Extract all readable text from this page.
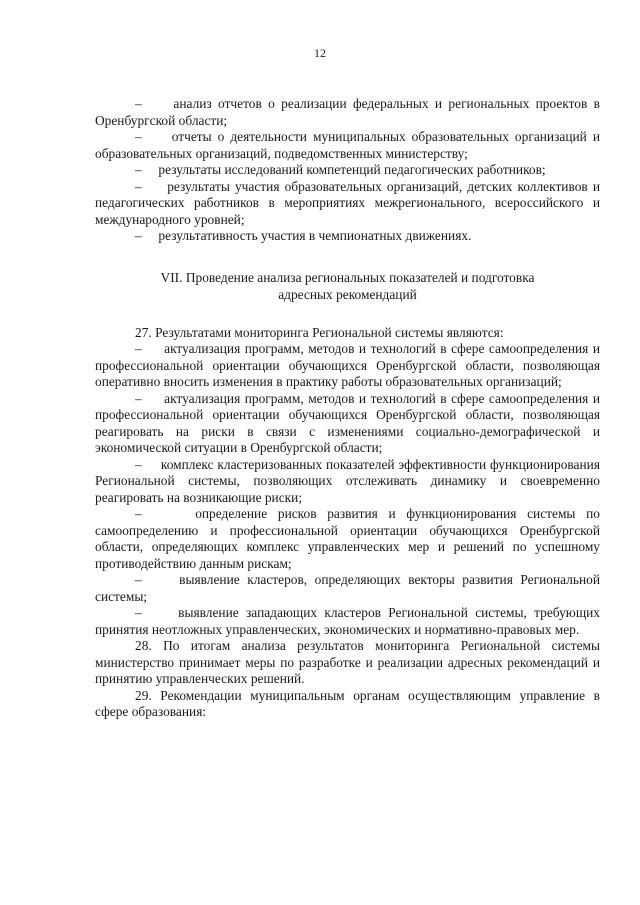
12

–     анализ отчетов о реализации федеральных и региональных проектов в Оренбургской области;

–     отчеты о деятельности муниципальных образовательных организаций и образовательных организаций, подведомственных министерству;

–     результаты исследований компетенций педагогических работников;

–     результаты участия образовательных организаций, детских коллективов и педагогических работников в мероприятиях межрегионального, всероссийского и международного уровней;

–     результативность участия в чемпионатных движениях.

VII. Проведение анализа региональных показателей и подготовка
адресных рекомендаций

27. Результатами мониторинга Региональной системы являются:

–     актуализация программ, методов и технологий в сфере самоопределения и профессиональной ориентации обучающихся Оренбургской области, позволяющая оперативно вносить изменения в практику работы образовательных организаций;

–     актуализация программ, методов и технологий в сфере самоопределения и профессиональной ориентации обучающихся Оренбургской области, позволяющая реагировать на риски в связи с изменениями социально-демографической и экономической ситуации в Оренбургской области;

–     комплекс кластеризованных показателей эффективности функционирования Региональной системы, позволяющих отслеживать динамику и своевременно реагировать на возникающие риски;

–     определение рисков развития и функционирования системы по самоопределению и профессиональной ориентации обучающихся Оренбургской области, определяющих комплекс управленческих мер и решений по успешному противодействию данным рискам;

–     выявление кластеров, определяющих векторы развития Региональной системы;

–     выявление западающих кластеров Региональной системы, требующих принятия неотложных управленческих, экономических и нормативно-правовых мер.

28. По итогам анализа результатов мониторинга Региональной системы министерство принимает меры по разработке и реализации адресных рекомендаций и принятию управленческих решений.

29. Рекомендации муниципальным органам осуществляющим управление в сфере образования:
